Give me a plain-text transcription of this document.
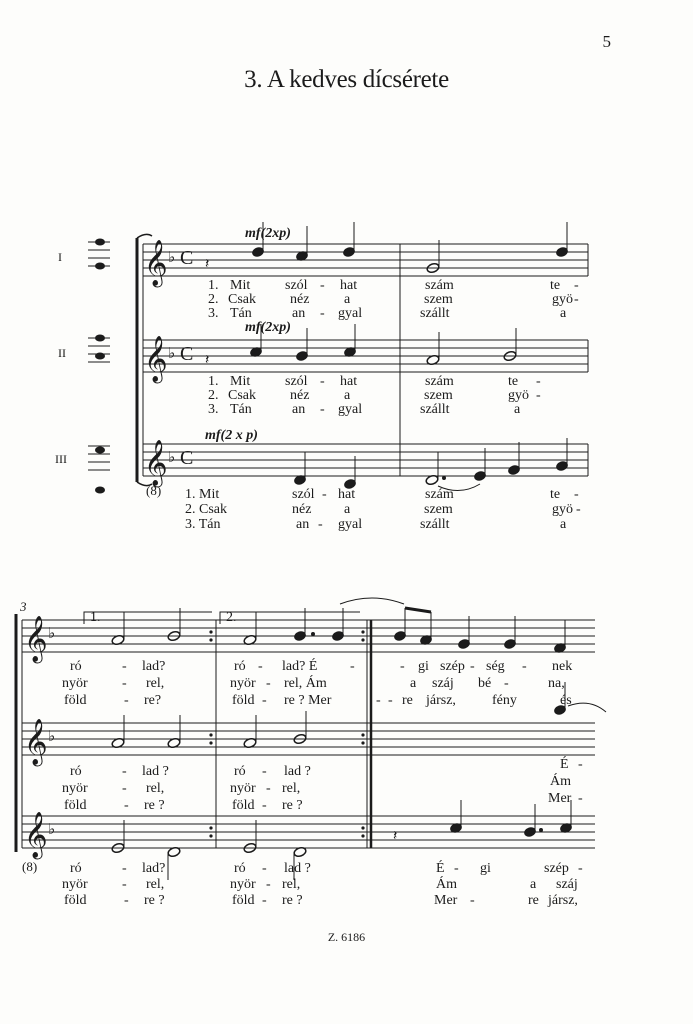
5
3. A kedves dícsérete
I
II
III
𝄞
𝄞
𝄞
𝄞
𝄞
𝄞
♭
♭
♭
♭
♭
♭
C
C
C
𝄽
𝄽
𝄽
mf(2xp)
mf(2xp)
mf(2 x p)
(8)
1. Mit szól - hat	szám	te -
2. Csak néz a	szem	gyö -
3. Tán	an - gyal	szállt	a
1. Mit szól - hat	szám	te -
2. Csak néz a	szem	gyö -
3. Tán	an - gyal	szállt	a
1. Mit	szól - hat	szám	te -
2. Csak	néz a	szem	gyö -
3. Tán	an - gyal	szállt	a
3
1.	2.
(8)
ró	- lad?	ró - lad? É -	- gi szép - ség - nek
nyör - rel,	nyör - rel, Ám	a száj bé -	na,
föld	- re?	föld - re ? Mer	- - re jársz,	fény	és
ró	- lad ?	ró - lad ?	É -
nyör - rel,	nyör - rel,	Ám
föld	- re ?	föld - re ?	Mer -
ró	- lad?	ró - lad ?	É - gi	szép -
nyör - rel,	nyör - rel,	Ám	a száj
föld	- re ?	föld - re ?	Mer -	re jársz,
Z. 6186
